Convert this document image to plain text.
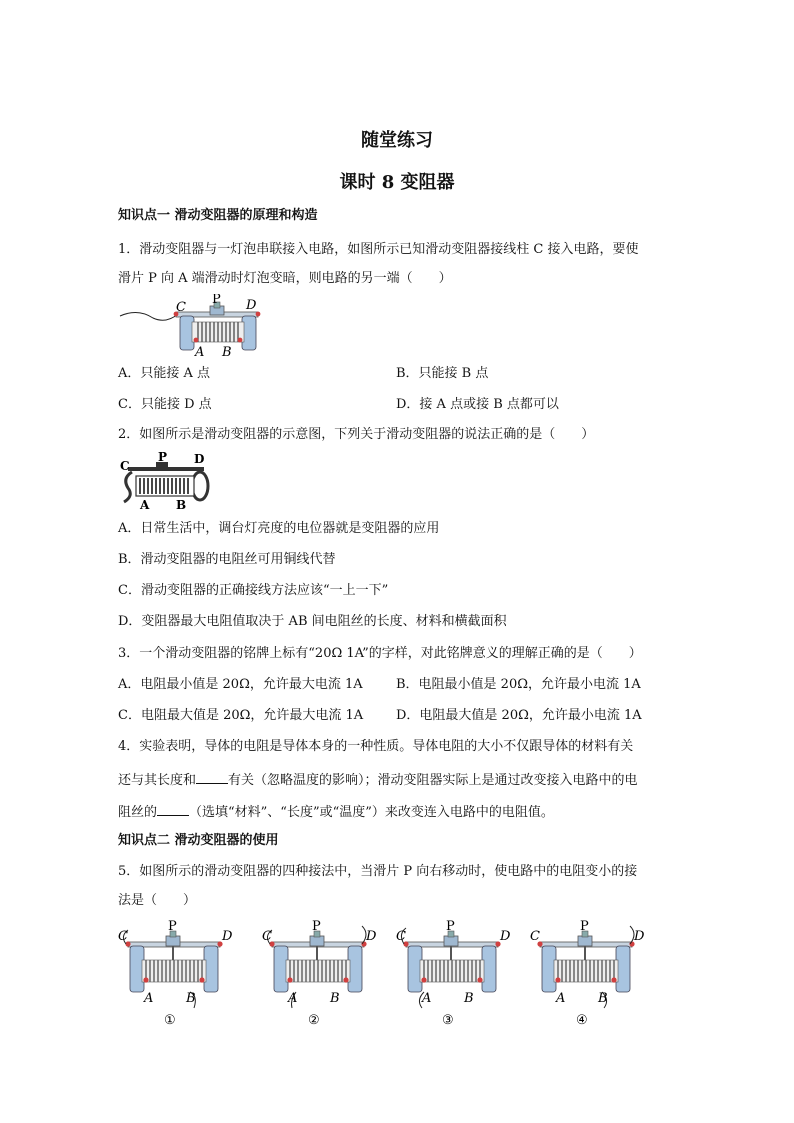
随堂练习
课时 8 变阻器
知识点一 滑动变阻器的原理和构造
1．滑动变阻器与一灯泡串联接入电路，如图所示已知滑动变阻器接线柱 C 接入电路，要使
滑片 P 向 A 端滑动时灯泡变暗，则电路的另一端（　　）
C
P D
A B
A．只能接 A 点	B．只能接 B 点
C．只能接 D 点	D．接 A 点或接 B 点都可以
2．如图所示是滑动变阻器的示意图，下列关于滑动变阻器的说法正确的是（　　）
C
P D
A B
A．日常生活中，调台灯亮度的电位器就是变阻器的应用
B．滑动变阻器的电阻丝可用铜线代替
C．滑动变阻器的正确接线方法应该“一上一下”
D．变阻器最大电阻值取决于 AB 间电阻丝的长度、材料和横截面积
3．一个滑动变阻器的铭牌上标有“20Ω 1A”的字样，对此铭牌意义的理解正确的是（　　）
A．电阻最小值是 20Ω，允许最大电流 1A	B．电阻最小值是 20Ω，允许最小电流 1A
C．电阻最大值是 20Ω，允许最大电流 1A	D．电阻最大值是 20Ω，允许最小电流 1A
4．实验表明，导体的电阻是导体本身的一种性质。导体电阻的大小不仅跟导体的材料有关
还与其长度和 有关（忽略温度的影响）；滑动变阻器实际上是通过改变接入电路中的电
阻丝的 （选填“材料”、“长度”或“温度”）来改变连入电路中的电阻值。
知识点二 滑动变阻器的使用
5．如图所示的滑动变阻器的四种接法中，当滑片 P 向右移动时，使电路中的电阻变小的接
法是（　　）
C
P
D
A	B
①
C
P
D
A	B
②
C
P
D
A	B
③
C
P
D
A	B
④
